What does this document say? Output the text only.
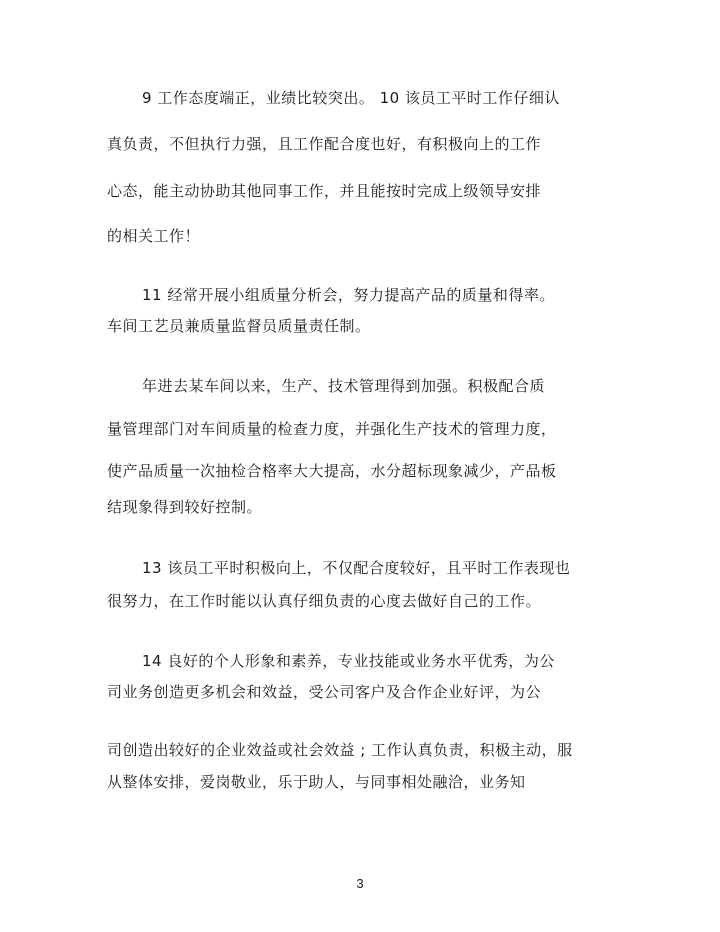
9 工作态度端正，业绩比较突出。 10 该员工平时工作仔细认
真负责，不但执行力强，且工作配合度也好，有积极向上的工作
心态，能主动协助其他同事工作，并且能按时完成上级领导安排
的相关工作！
11 经常开展小组质量分析会，努力提高产品的质量和得率。
车间工艺员兼质量监督员质量责任制。
年进去某车间以来，生产、技术管理得到加强。积极配合质
量管理部门对车间质量的检查力度，并强化生产技术的管理力度，
使产品质量一次抽检合格率大大提高，水分超标现象减少，产品板
结现象得到较好控制。
13 该员工平时积极向上，不仅配合度较好，且平时工作表现也
很努力，在工作时能以认真仔细负责的心度去做好自己的工作。
14 良好的个人形象和素养，专业技能或业务水平优秀，为公
司业务创造更多机会和效益，受公司客户及合作企业好评，为公
司创造出较好的企业效益或社会效益 ; 工作认真负责，积极主动，服
从整体安排，爱岗敬业，乐于助人，与同事相处融洽，业务知
3
